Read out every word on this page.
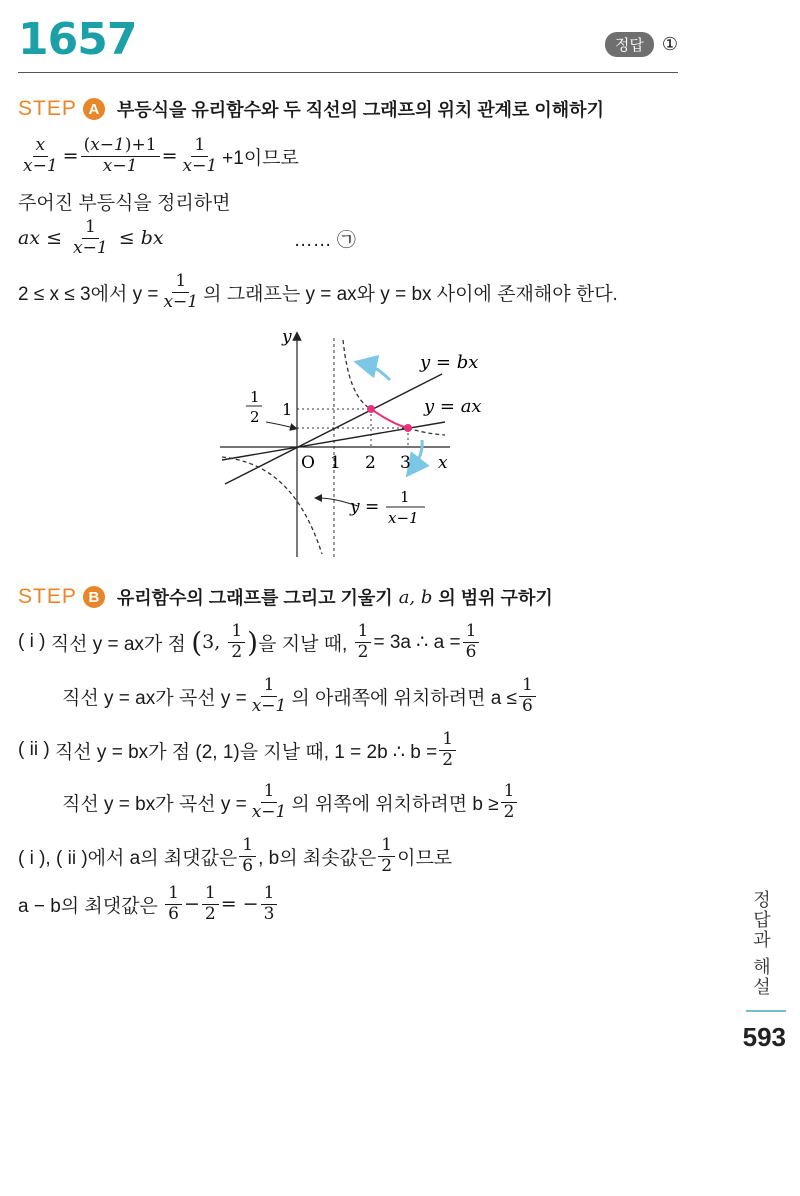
1657	정답	①
STEP A 부등식을 유리함수와 두 직선의 그래프의 위치 관계로 이해하기
$\frac{x}{x-1} = \frac{(x-1)+1}{x-1} = \frac{1}{x-1} +1$이므로
주어진 부등식을 정리하면
ax ≤ $\frac{1}{x-1}$ ≤ bx	…… ㉠
2 ≤ x ≤ 3에서 $y = \frac{1}{x-1}$ 의 그래프는 y = ax와 y = bx 사이에 존재해야 한다.
y
x
O 1 2 3
1
1
2
y = bx
y = ax
y = 1
x−1
STEP B 유리함수의 그래프를 그리고 기울기 a, b 의 범위 구하기
( i )
직선 y = ax가 점
( 3, $\frac{1}{2}$ ) 을 지날 때,
$\frac{1}{2} = 3a$ ∴ $a = \frac{1}{6}$
직선 y = ax가 곡선 $y = \frac{1}{x-1}$ 의 아래쪽에 위치하려면 $a \le \frac{1}{6}$
( ii )
직선 y = bx가 점 (2, 1)을 지날 때, 1 = 2b ∴ $b = \frac{1}{2}$
직선 y = bx가 곡선 $y = \frac{1}{x-1}$ 의 위쪽에 위치하려면 $b \ge \frac{1}{2}$
( i ), ( ii )에서 a의 최댓값은 $\frac{1}{6}$ , b의 최솟값은 $\frac{1}{2}$ 이므로
a − b의 최댓값은
$\frac{1}{6} - \frac{1}{2}$ = − $\frac{1}{3}$	정답과 해설
593
